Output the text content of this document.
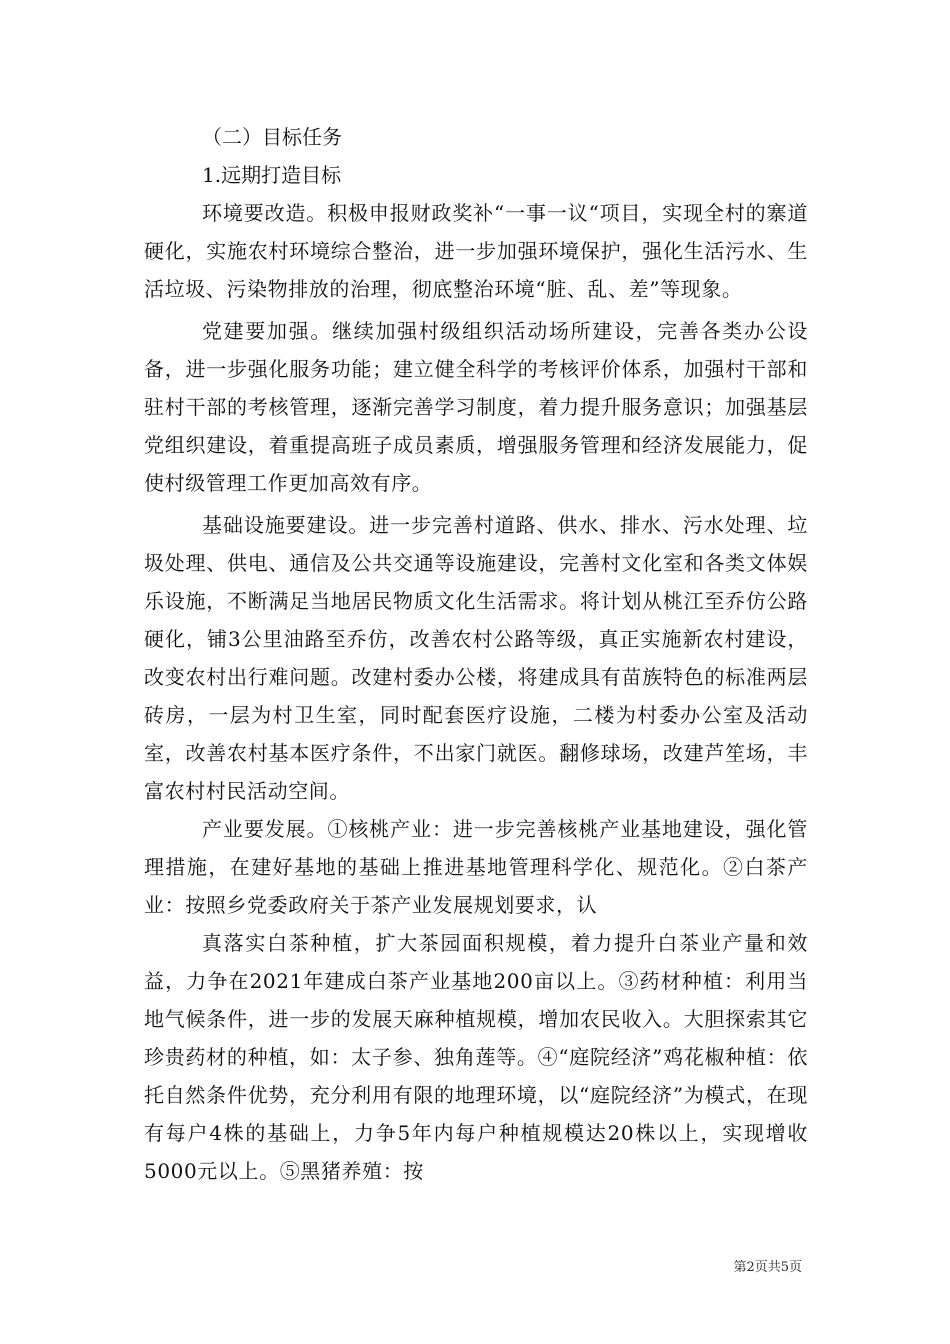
（二）目标任务

1.远期打造目标

环境要改造。积极申报财政奖补“一事一议“项目，实现全村的寨道硬化，实施农村环境综合整治，进一步加强环境保护，强化生活污水、生活垃圾、污染物排放的治理，彻底整治环境“脏、乱、差”等现象。

党建要加强。继续加强村级组织活动场所建设，完善各类办公设备，进一步强化服务功能；建立健全科学的考核评价体系，加强村干部和驻村干部的考核管理，逐渐完善学习制度，着力提升服务意识；加强基层党组织建设，着重提高班子成员素质，增强服务管理和经济发展能力，促使村级管理工作更加高效有序。

基础设施要建设。进一步完善村道路、供水、排水、污水处理、垃圾处理、供电、通信及公共交通等设施建设，完善村文化室和各类文体娱乐设施，不断满足当地居民物质文化生活需求。将计划从桃江至乔仿公路硬化，铺3公里油路至乔仿，改善农村公路等级，真正实施新农村建设，改变农村出行难问题。改建村委办公楼，将建成具有苗族特色的标准两层砖房，一层为村卫生室，同时配套医疗设施，二楼为村委办公室及活动室，改善农村基本医疗条件，不出家门就医。翻修球场，改建芦笙场，丰富农村村民活动空间。

产业要发展。①核桃产业：进一步完善核桃产业基地建设，强化管理措施，在建好基地的基础上推进基地管理科学化、规范化。②白茶产业：按照乡党委政府关于茶产业发展规划要求，认

真落实白茶种植，扩大茶园面积规模，着力提升白茶业产量和效益，力争在2021年建成白茶产业基地200亩以上。③药材种植：利用当地气候条件，进一步的发展天麻种植规模，增加农民收入。大胆探索其它珍贵药材的种植，如：太子参、独角莲等。④“庭院经济”鸡花椒种植：依托自然条件优势，充分利用有限的地理环境，以“庭院经济”为模式，在现有每户4株的基础上，力争5年内每户种植规模达20株以上，实现增收5000元以上。⑤黑猪养殖：按

第2页共5页
